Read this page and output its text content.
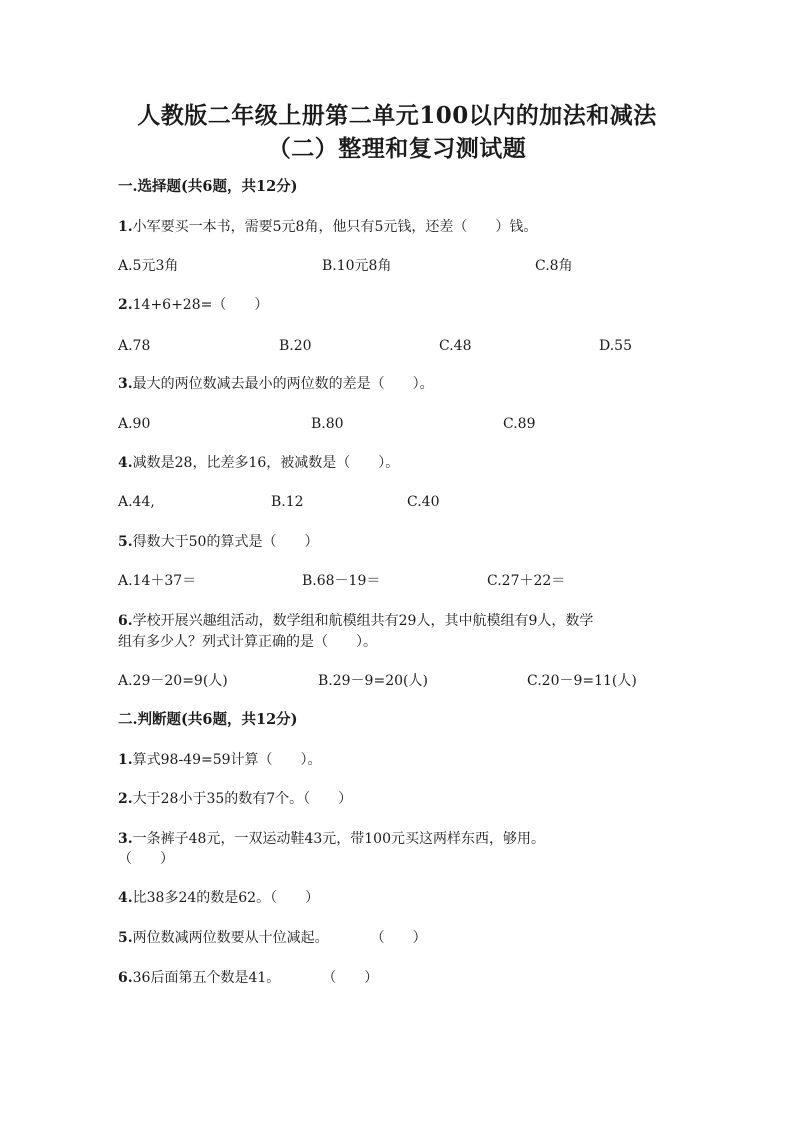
人教版二年级上册第二单元100以内的加法和减法
（二）整理和复习测试题
一.选择题(共6题，共12分)
1.小军要买一本书，需要5元8角，他只有5元钱，还差（　　）钱。
A.5元3角	B.10元8角	C.8角
2.14+6+28=（　　）
A.78	B.20	C.48	D.55
3.最大的两位数减去最小的两位数的差是（　　）。
A.90	B.80	C.89
4.减数是28，比差多16，被减数是（　　）。
A.44,	B.12	C.40
5.得数大于50的算式是（　　）
A.14＋37＝	B.68－19＝	C.27＋22＝
6.学校开展兴趣组活动，数学组和航模组共有29人，其中航模组有9人，数学
组有多少人？列式计算正确的是（　　）。
A.29－20=9(人)	B.29－9=20(人)	C.20－9=11(人)
二.判断题(共6题，共12分)
1.算式98-49=59计算（　　）。
2.大于28小于35的数有7个。（　　）
3.一条裤子48元，一双运动鞋43元，带100元买这两样东西，够用。
（　　）
4.比38多24的数是62。（　　）
5.两位数减两位数要从十位减起。　　　　（　　）
6.36后面第五个数是41。　　　　（　　）
